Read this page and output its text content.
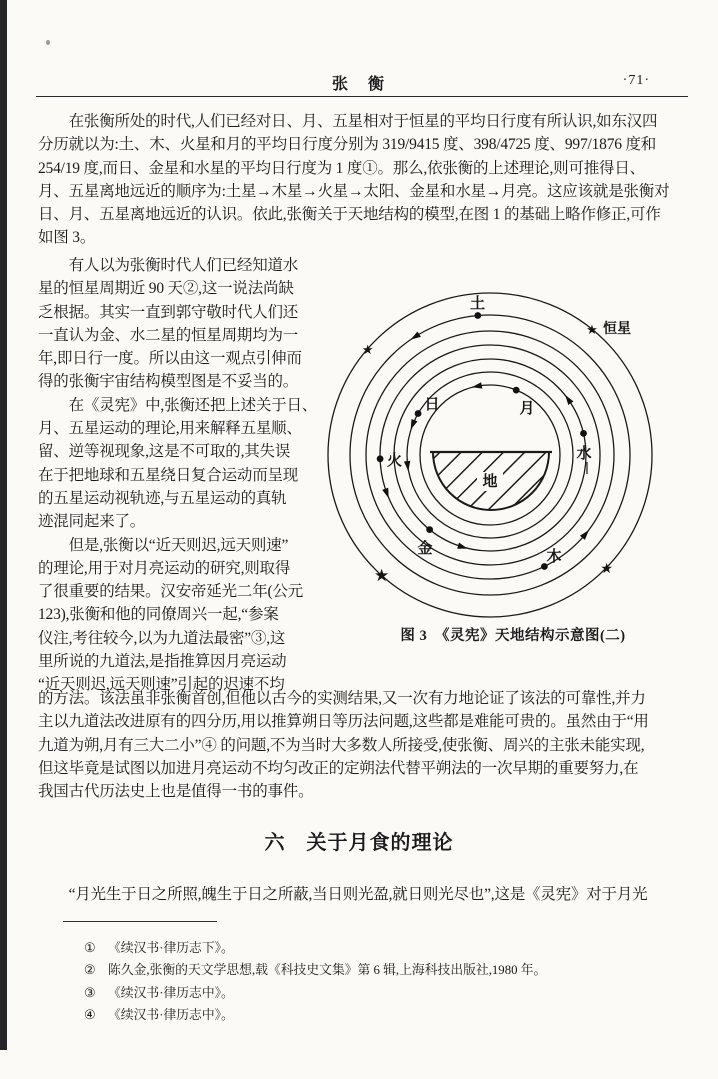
张　衡	·71·
　　在张衡所处的时代,人们已经对日、月、五星相对于恒星的平均日行度有所认识,如东汉四
分历就以为:土、木、火星和月的平均日行度分别为 319/9415 度、398/4725 度、997/1876 度和
254/19 度,而日、金星和水星的平均日行度为 1 度①。那么,依张衡的上述理论,则可推得日、
月、五星离地远近的顺序为:土星→木星→火星→太阳、金星和水星→月亮。这应该就是张衡对
日、月、五星离地远近的认识。依此,张衡关于天地结构的模型,在图 1 的基础上略作修正,可作
如图 3。
　　有人以为张衡时代人们已经知道水
星的恒星周期近 90 天②,这一说法尚缺
乏根据。其实一直到郭守敬时代人们还
一直认为金、水二星的恒星周期均为一
年,即日行一度。所以由这一观点引伸而
得的张衡宇宙结构模型图是不妥当的。
　　在《灵宪》中,张衡还把上述关于日、
月、五星运动的理论,用来解释五星顺、
留、逆等视现象,这是不可取的,其失误
在于把地球和五星绕日复合运动而呈现
的五星运动视轨迹,与五星运动的真轨
迹混同起来了。
　　但是,张衡以“近天则迟,远天则速”
的理论,用于对月亮运动的研究,则取得
了很重要的结果。汉安帝延光二年(公元
123),张衡和他的同僚周兴一起,“参案
仪注,考往较今,以为九道法最密”③,这
里所说的九道法,是指推算因月亮运动
“近天则迟,远天则速”引起的迟速不均
地
★
★
★	★
月
日
水
金
火
木
土
恒星
图 3　《灵宪》天地结构示意图(二)
的方法。该法虽非张衡首创,但他以古今的实测结果,又一次有力地论证了该法的可靠性,并力
主以九道法改进原有的四分历,用以推算朔日等历法问题,这些都是难能可贵的。虽然由于“用
九道为朔,月有三大二小”④ 的问题,不为当时大多数人所接受,使张衡、周兴的主张未能实现,
但这毕竟是试图以加进月亮运动不均匀改正的定朔法代替平朔法的一次早期的重要努力,在
我国古代历法史上也是值得一书的事件。
六　关于月食的理论
　　“月光生于日之所照,魄生于日之所蔽,当日则光盈,就日则光尽也”,这是《灵宪》对于月光
① 《续汉书·律历志下》。
② 陈久金,张衡的天文学思想,载《科技史文集》第 6 辑,上海科技出版社,1980 年。
③ 《续汉书·律历志中》。
④ 《续汉书·律历志中》。
